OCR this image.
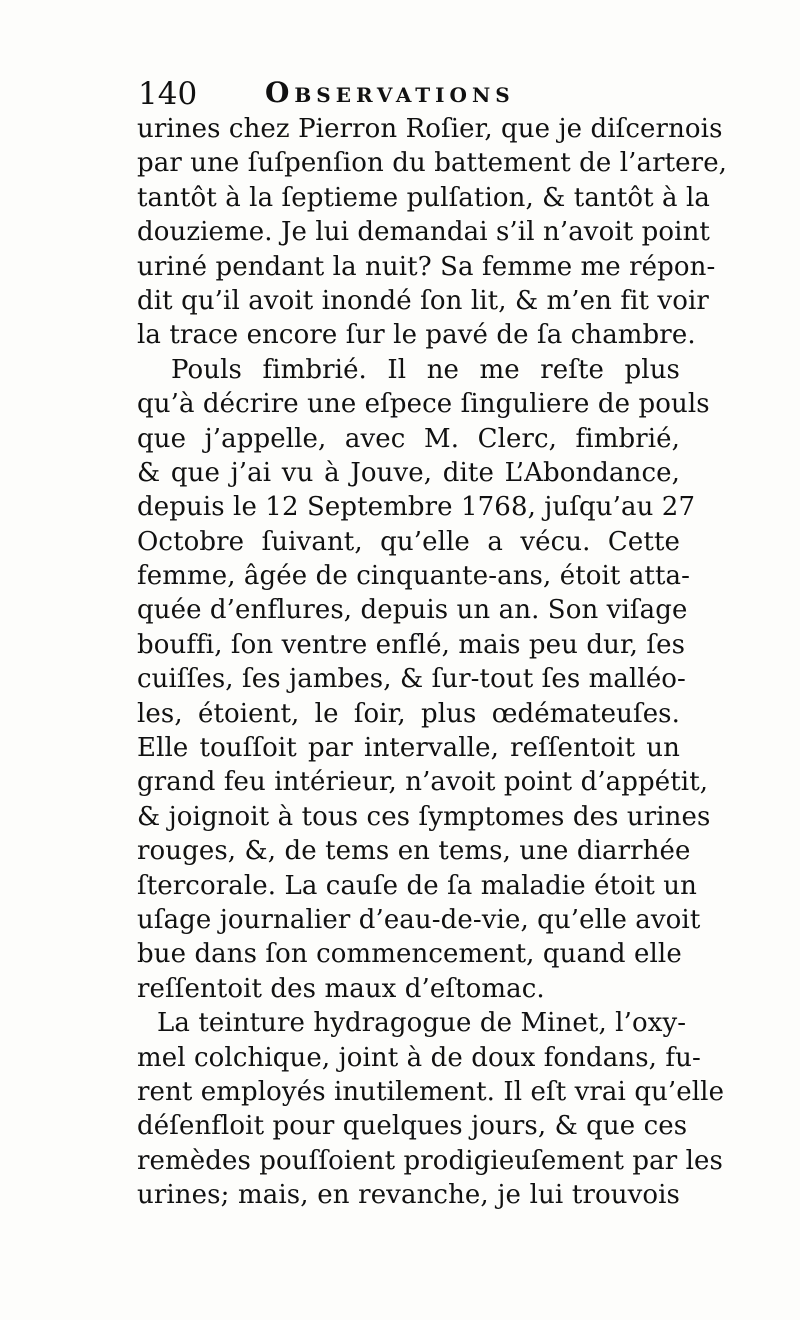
140 Observations
urines chez Pierron Roſier, que je diſcernois
par une ſuſpenſion du battement de l’artere,
tantôt à la ſeptieme pulſation, & tantôt à la
douzieme. Je lui demandai s’il n’avoit point
uriné pendant la nuit? Sa femme me répon-
dit qu’il avoit inondé ſon lit, & m’en fit voir
la trace encore ſur le pavé de ſa chambre.
Pouls fimbrié. Il ne me reſte plus
qu’à décrire une eſpece ſinguliere de pouls
que j’appelle, avec M. Clerc, fimbrié,
& que j’ai vu à Jouve, dite L’Abondance,
depuis le 12 Septembre 1768, juſqu’au 27
Octobre ſuivant, qu’elle a vécu. Cette
femme, âgée de cinquante-ans, étoit atta-
quée d’enflures, depuis un an. Son viſage
bouffi, ſon ventre enflé, mais peu dur, ſes
cuiſſes, ſes jambes, & ſur-tout ſes malléo-
les, étoient, le ſoir, plus œdémateuſes.
Elle touſſoit par intervalle, reſſentoit un
grand feu intérieur, n’avoit point d’appétit,
& joignoit à tous ces ſymptomes des urines
rouges, &, de tems en tems, une diarrhée
ſtercorale. La cauſe de ſa maladie étoit un
uſage journalier d’eau-de-vie, qu’elle avoit
bue dans ſon commencement, quand elle
reſſentoit des maux d’eſtomac.
La teinture hydragogue de Minet, l’oxy-
mel colchique, joint à de doux fondans, fu-
rent employés inutilement. Il eſt vrai qu’elle
déſenfloit pour quelques jours, & que ces
remèdes pouſſoient prodigieuſement par les
urines; mais, en revanche, je lui trouvois
